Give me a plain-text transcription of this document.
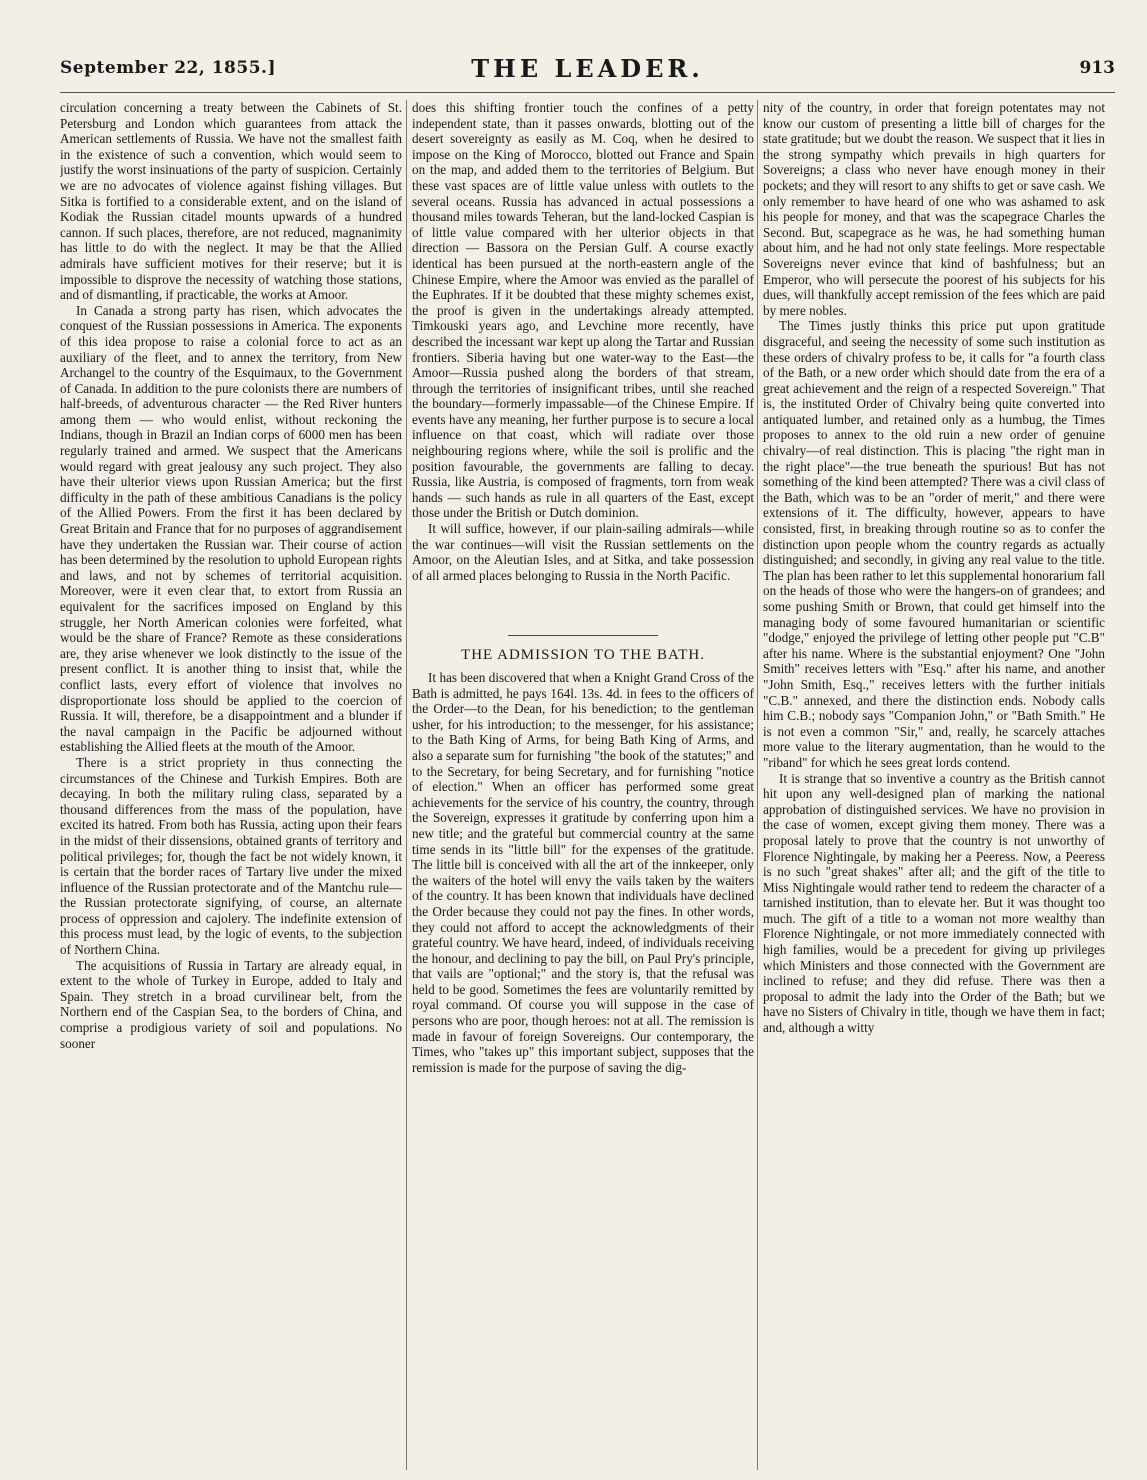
September 22, 1855.]	THE LEADER.	913

circulation concerning a treaty between the Cabinets of St. Petersburg and London which guarantees from attack the American settlements of Russia. We have not the smallest faith in the existence of such a convention, which would seem to justify the worst insinuations of the party of suspicion. Certainly we are no advocates of violence against fishing villages. But Sitka is fortified to a considerable extent, and on the island of Kodiak the Russian citadel mounts upwards of a hundred cannon. If such places, therefore, are not reduced, magnanimity has little to do with the neglect. It may be that the Allied admirals have sufficient motives for their reserve; but it is impossible to disprove the necessity of watching those stations, and of dismantling, if practicable, the works at Amoor.

In Canada a strong party has risen, which advocates the conquest of the Russian possessions in America. The exponents of this idea propose to raise a colonial force to act as an auxiliary of the fleet, and to annex the territory, from New Archangel to the country of the Esquimaux, to the Government of Canada. In addition to the pure colonists there are numbers of half-breeds, of adventurous character — the Red River hunters among them — who would enlist, without reckoning the Indians, though in Brazil an Indian corps of 6000 men has been regularly trained and armed. We suspect that the Americans would regard with great jealousy any such project. They also have their ulterior views upon Russian America; but the first difficulty in the path of these ambitious Canadians is the policy of the Allied Powers. From the first it has been declared by Great Britain and France that for no purposes of aggrandisement have they undertaken the Russian war. Their course of action has been determined by the resolution to uphold European rights and laws, and not by schemes of territorial acquisition. Moreover, were it even clear that, to extort from Russia an equivalent for the sacrifices imposed on England by this struggle, her North American colonies were forfeited, what would be the share of France? Remote as these considerations are, they arise whenever we look distinctly to the issue of the present conflict. It is another thing to insist that, while the conflict lasts, every effort of violence that involves no disproportionate loss should be applied to the coercion of Russia. It will, therefore, be a disappointment and a blunder if the naval campaign in the Pacific be adjourned without establishing the Allied fleets at the mouth of the Amoor.

There is a strict propriety in thus connecting the circumstances of the Chinese and Turkish Empires. Both are decaying. In both the military ruling class, separated by a thousand differences from the mass of the population, have excited its hatred. From both has Russia, acting upon their fears in the midst of their dissensions, obtained grants of territory and political privileges; for, though the fact be not widely known, it is certain that the border races of Tartary live under the mixed influence of the Russian protectorate and of the Mantchu rule—the Russian protectorate signifying, of course, an alternate process of oppression and cajolery. The indefinite extension of this process must lead, by the logic of events, to the subjection of Northern China.

The acquisitions of Russia in Tartary are already equal, in extent to the whole of Turkey in Europe, added to Italy and Spain. They stretch in a broad curvilinear belt, from the Northern end of the Caspian Sea, to the borders of China, and comprise a prodigious variety of soil and populations. No sooner

does this shifting frontier touch the confines of a petty independent state, than it passes onwards, blotting out of the desert sovereignty as easily as M. Coq, when he desired to impose on the King of Morocco, blotted out France and Spain on the map, and added them to the territories of Belgium. But these vast spaces are of little value unless with outlets to the several oceans. Russia has advanced in actual possessions a thousand miles towards Teheran, but the land-locked Caspian is of little value compared with her ulterior objects in that direction — Bassora on the Persian Gulf. A course exactly identical has been pursued at the north-eastern angle of the Chinese Empire, where the Amoor was envied as the parallel of the Euphrates. If it be doubted that these mighty schemes exist, the proof is given in the undertakings already attempted. Timkouski years ago, and Levchine more recently, have described the incessant war kept up along the Tartar and Russian frontiers. Siberia having but one water-way to the East—the Amoor—Russia pushed along the borders of that stream, through the territories of insignificant tribes, until she reached the boundary—formerly impassable—of the Chinese Empire. If events have any meaning, her further purpose is to secure a local influence on that coast, which will radiate over those neighbouring regions where, while the soil is prolific and the position favourable, the governments are falling to decay. Russia, like Austria, is composed of fragments, torn from weak hands — such hands as rule in all quarters of the East, except those under the British or Dutch dominion.

It will suffice, however, if our plain-sailing admirals—while the war continues—will visit the Russian settlements on the Amoor, on the Aleutian Isles, and at Sitka, and take possession of all armed places belonging to Russia in the North Pacific.

THE ADMISSION TO THE BATH.

It has been discovered that when a Knight Grand Cross of the Bath is admitted, he pays 164l. 13s. 4d. in fees to the officers of the Order—to the Dean, for his benediction; to the gentleman usher, for his introduction; to the messenger, for his assistance; to the Bath King of Arms, for being Bath King of Arms, and also a separate sum for furnishing "the book of the statutes;" and to the Secretary, for being Secretary, and for furnishing "notice of election." When an officer has performed some great achievements for the service of his country, the country, through the Sovereign, expresses it gratitude by conferring upon him a new title; and the grateful but commercial country at the same time sends in its "little bill" for the expenses of the gratitude. The little bill is conceived with all the art of the innkeeper, only the waiters of the hotel will envy the vails taken by the waiters of the country. It has been known that individuals have declined the Order because they could not pay the fines. In other words, they could not afford to accept the acknowledgments of their grateful country. We have heard, indeed, of individuals receiving the honour, and declining to pay the bill, on Paul Pry's principle, that vails are "optional;" and the story is, that the refusal was held to be good. Sometimes the fees are voluntarily remitted by royal command. Of course you will suppose in the case of persons who are poor, though heroes: not at all. The remission is made in favour of foreign Sovereigns. Our contemporary, the Times, who "takes up" this important subject, supposes that the remission is made for the purpose of saving the dig-

nity of the country, in order that foreign potentates may not know our custom of presenting a little bill of charges for the state gratitude; but we doubt the reason. We suspect that it lies in the strong sympathy which prevails in high quarters for Sovereigns; a class who never have enough money in their pockets; and they will resort to any shifts to get or save cash. We only remember to have heard of one who was ashamed to ask his people for money, and that was the scapegrace Charles the Second. But, scapegrace as he was, he had something human about him, and he had not only state feelings. More respectable Sovereigns never evince that kind of bashfulness; but an Emperor, who will persecute the poorest of his subjects for his dues, will thankfully accept remission of the fees which are paid by mere nobles.

The Times justly thinks this price put upon gratitude disgraceful, and seeing the necessity of some such institution as these orders of chivalry profess to be, it calls for "a fourth class of the Bath, or a new order which should date from the era of a great achievement and the reign of a respected Sovereign." That is, the instituted Order of Chivalry being quite converted into antiquated lumber, and retained only as a humbug, the Times proposes to annex to the old ruin a new order of genuine chivalry—of real distinction. This is placing "the right man in the right place"—the true beneath the spurious! But has not something of the kind been attempted? There was a civil class of the Bath, which was to be an "order of merit," and there were extensions of it. The difficulty, however, appears to have consisted, first, in breaking through routine so as to confer the distinction upon people whom the country regards as actually distinguished; and secondly, in giving any real value to the title. The plan has been rather to let this supplemental honorarium fall on the heads of those who were the hangers-on of grandees; and some pushing Smith or Brown, that could get himself into the managing body of some favoured humanitarian or scientific "dodge," enjoyed the privilege of letting other people put "C.B" after his name. Where is the substantial enjoyment? One "John Smith" receives letters with "Esq." after his name, and another "John Smith, Esq.," receives letters with the further initials "C.B." annexed, and there the distinction ends. Nobody calls him C.B.; nobody says "Companion John," or "Bath Smith." He is not even a common "Sir," and, really, he scarcely attaches more value to the literary augmentation, than he would to the "riband" for which he sees great lords contend.

It is strange that so inventive a country as the British cannot hit upon any well-designed plan of marking the national approbation of distinguished services. We have no provision in the case of women, except giving them money. There was a proposal lately to prove that the country is not unworthy of Florence Nightingale, by making her a Peeress. Now, a Peeress is no such "great shakes" after all; and the gift of the title to Miss Nightingale would rather tend to redeem the character of a tarnished institution, than to elevate her. But it was thought too much. The gift of a title to a woman not more wealthy than Florence Nightingale, or not more immediately connected with high families, would be a precedent for giving up privileges which Ministers and those connected with the Government are inclined to refuse; and they did refuse. There was then a proposal to admit the lady into the Order of the Bath; but we have no Sisters of Chivalry in title, though we have them in fact; and, although a witty
